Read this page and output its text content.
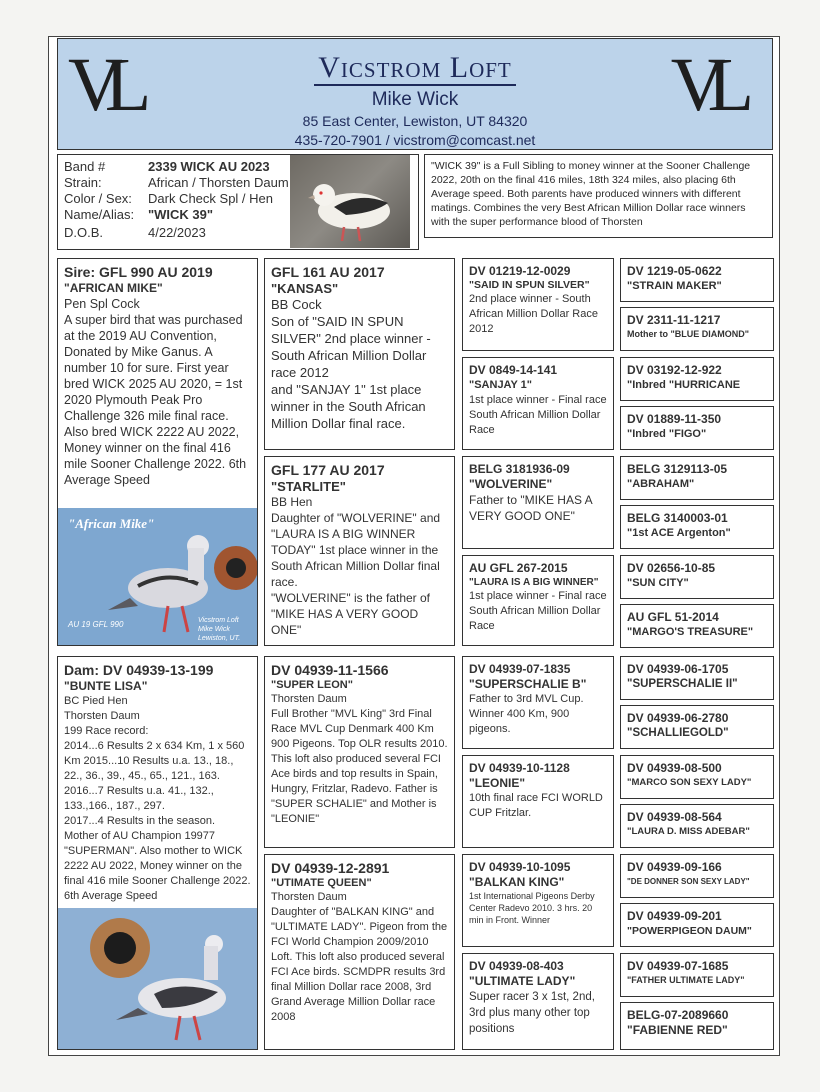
VL	VL
Vicstrom Loft
Mike Wick
85 East Center, Lewiston, UT 84320
435-720-7901 / vicstrom@comcast.net
Band #	2339 WICK AU 2023
Strain:	African / Thorsten Daum
Color / Sex: Dark Check Spl / Hen
Name/Alias: "WICK 39"
D.O.B.	4/22/2023
"WICK 39" is a Full Sibling to money winner at the Sooner Challenge 2022, 20th on the final 416 miles, 18th 324 miles, also placing 6th Average speed. Both parents have produced winners with different matings. Combines the very Best African Million Dollar race winners with the super performance blood of Thorsten
Sire: GFL 990 AU 2019
"AFRICAN MIKE"
Pen Spl Cock
A super bird that was purchased at the 2019 AU Convention, Donated by Mike Ganus. A number 10 for sure. First year bred WICK 2025 AU 2020, = 1st 2020 Plymouth Peak Pro Challenge 326 mile final race. Also bred WICK 2222 AU 2022, Money winner on the final 416 mile Sooner Challenge 2022. 6th Average Speed
"African Mike"
AU 19 GFL 990	Vicstrom Loft
Mike Wick
Lewiston, UT.
Dam: DV 04939-13-199
"BUNTE LISA"
BC Pied Hen
Thorsten Daum
199 Race record:
2014...6 Results 2 x 634 Km, 1 x 560 Km 2015...10 Results u.a. 13., 18., 22., 36., 39., 45., 65., 121., 163.
2016...7 Results u.a. 41., 132., 133.,166., 187., 297.
2017...4 Results in the season. Mother of AU Champion 19977 "SUPERMAN". Also mother to WICK 2222 AU 2022, Money winner on the final 416 mile Sooner Challenge 2022. 6th Average Speed
GFL 161 AU 2017
"KANSAS"
BB Cock
Son of "SAID IN SPUN SILVER" 2nd place winner - South African Million Dollar race 2012
and "SANJAY 1" 1st place winner in the South African Million Dollar final race.
GFL 177 AU 2017
"STARLITE"
BB Hen
Daughter of "WOLVERINE" and "LAURA IS A BIG WINNER TODAY" 1st place winner in the South African Million Dollar final race.
"WOLVERINE" is the father of "MIKE HAS A VERY GOOD ONE"
DV 04939-11-1566
"SUPER LEON"
Thorsten Daum
Full Brother "MVL King" 3rd Final Race MVL Cup Denmark 400 Km 900 Pigeons. Top OLR results 2010. This loft also produced several FCI Ace birds and top results in Spain, Hungry, Fritzlar, Radevo. Father is "SUPER SCHALIE" and Mother is "LEONIE"
DV 04939-12-2891
"UTIMATE QUEEN"
Thorsten Daum
Daughter of "BALKAN KING" and "ULTIMATE LADY". Pigeon from the FCI World Champion 2009/2010 Loft. This loft also produced several FCI Ace birds. SCMDPR results 3rd final Million Dollar race 2008, 3rd Grand Average Million Dollar race 2008
DV 01219-12-0029
"SAID IN SPUN SILVER"
2nd place winner - South African Million Dollar Race 2012
DV 0849-14-141
"SANJAY 1"
1st place winner - Final race South African Million Dollar Race
BELG 3181936-09
"WOLVERINE"
Father to "MIKE HAS A VERY GOOD ONE"
AU GFL 267-2015
"LAURA IS A BIG WINNER"
1st place winner - Final race South African Million Dollar Race
DV 04939-07-1835
"SUPERSCHALIE B"
Father to 3rd MVL Cup. Winner 400 Km, 900 pigeons.
DV 04939-10-1128
"LEONIE"
10th final race FCI WORLD CUP Fritzlar.
DV 04939-10-1095
"BALKAN KING"
1st International Pigeons Derby Center Radevo 2010. 3 hrs. 20 min in Front. Winner
DV 04939-08-403
"ULTIMATE LADY"
Super racer 3 x 1st, 2nd, 3rd plus many other top positions
DV 1219-05-0622
"STRAIN MAKER"
DV 2311-11-1217
Mother to "BLUE DIAMOND"
DV 03192-12-922
"Inbred "HURRICANE
DV 01889-11-350
"Inbred "FIGO"
BELG 3129113-05
"ABRAHAM"
BELG 3140003-01
"1st ACE Argenton"
DV 02656-10-85
"SUN CITY"
AU GFL 51-2014
"MARGO'S TREASURE"
DV 04939-06-1705
"SUPERSCHALIE II"
DV 04939-06-2780
"SCHALLIEGOLD"
DV 04939-08-500
"MARCO SON SEXY LADY"
DV 04939-08-564
"LAURA D. MISS ADEBAR"
DV 04939-09-166
"DE DONNER SON SEXY LADY"
DV 04939-09-201
"POWERPIGEON DAUM"
DV 04939-07-1685
"FATHER ULTIMATE LADY"
BELG-07-2089660
"FABIENNE RED"
